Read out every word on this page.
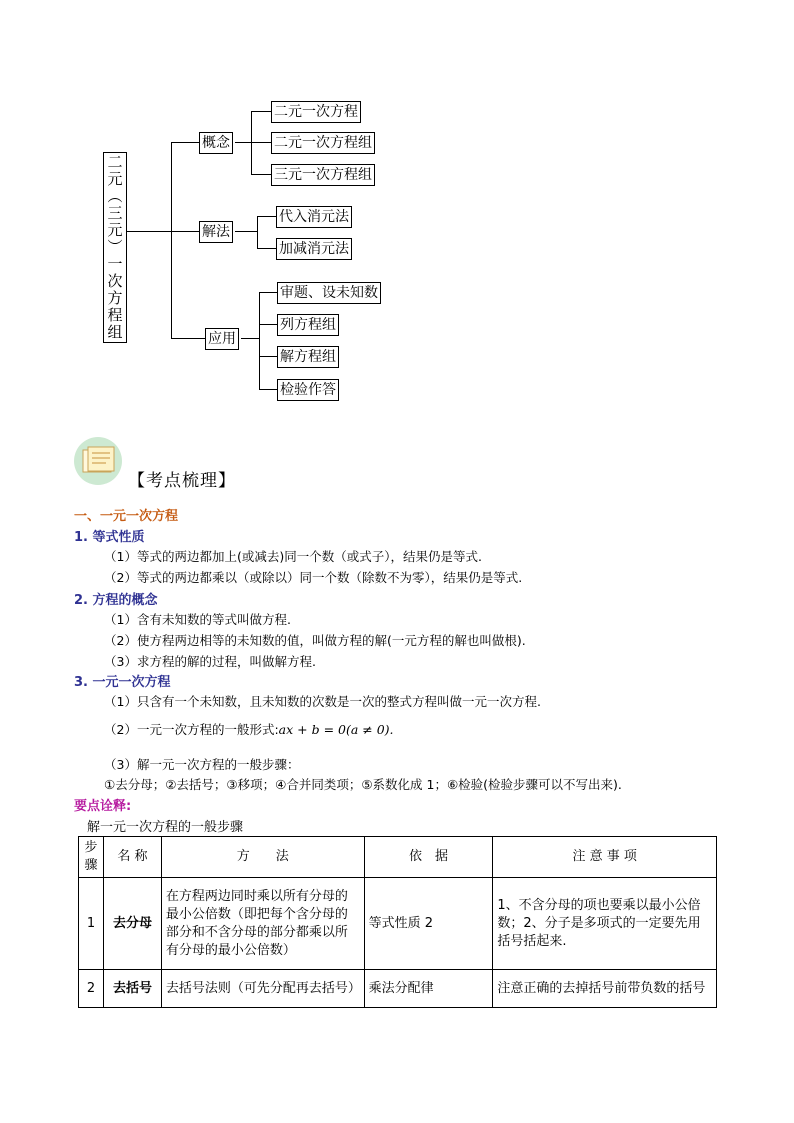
二
元
︵
三
元
︶
一
次
方
程
组
概念
解法
应用
二元一次方程
二元一次方程组
三元一次方程组
代入消元法
加减消元法
审题、设未知数
列方程组
解方程组
检验作答
【考点梳理】
一、一元一次方程
1. 等式性质
（1）等式的两边都加上(或减去)同一个数（或式子），结果仍是等式.
（2）等式的两边都乘以（或除以）同一个数（除数不为零），结果仍是等式.
2. 方程的概念
（1）含有未知数的等式叫做方程.
（2）使方程两边相等的未知数的值，叫做方程的解(一元方程的解也叫做根).
（3）求方程的解的过程，叫做解方程.
3. 一元一次方程
（1）只含有一个未知数，且未知数的次数是一次的整式方程叫做一元一次方程.
（2）一元一次方程的一般形式:ax + b = 0(a ≠ 0).
（3）解一元一次方程的一般步骤：
①去分母；②去括号；③移项；④合并同类项；⑤系数化成 1；⑥检验(检验步骤可以不写出来).
要点诠释:
解一元一次方程的一般步骤
步骤	名 称	方　　法	依　据	注 意 事 项
1	去分母	在方程两边同时乘以所有分母的最小公倍数（即把每个含分母的部分和不含分母的部分都乘以所有分母的最小公倍数）	等式性质 2	1、不含分母的项也要乘以最小公倍数；2、分子是多项式的一定要先用括号括起来.
2	去括号	去括号法则（可先分配再去括号）	乘法分配律	注意正确的去掉括号前带负数的括号
